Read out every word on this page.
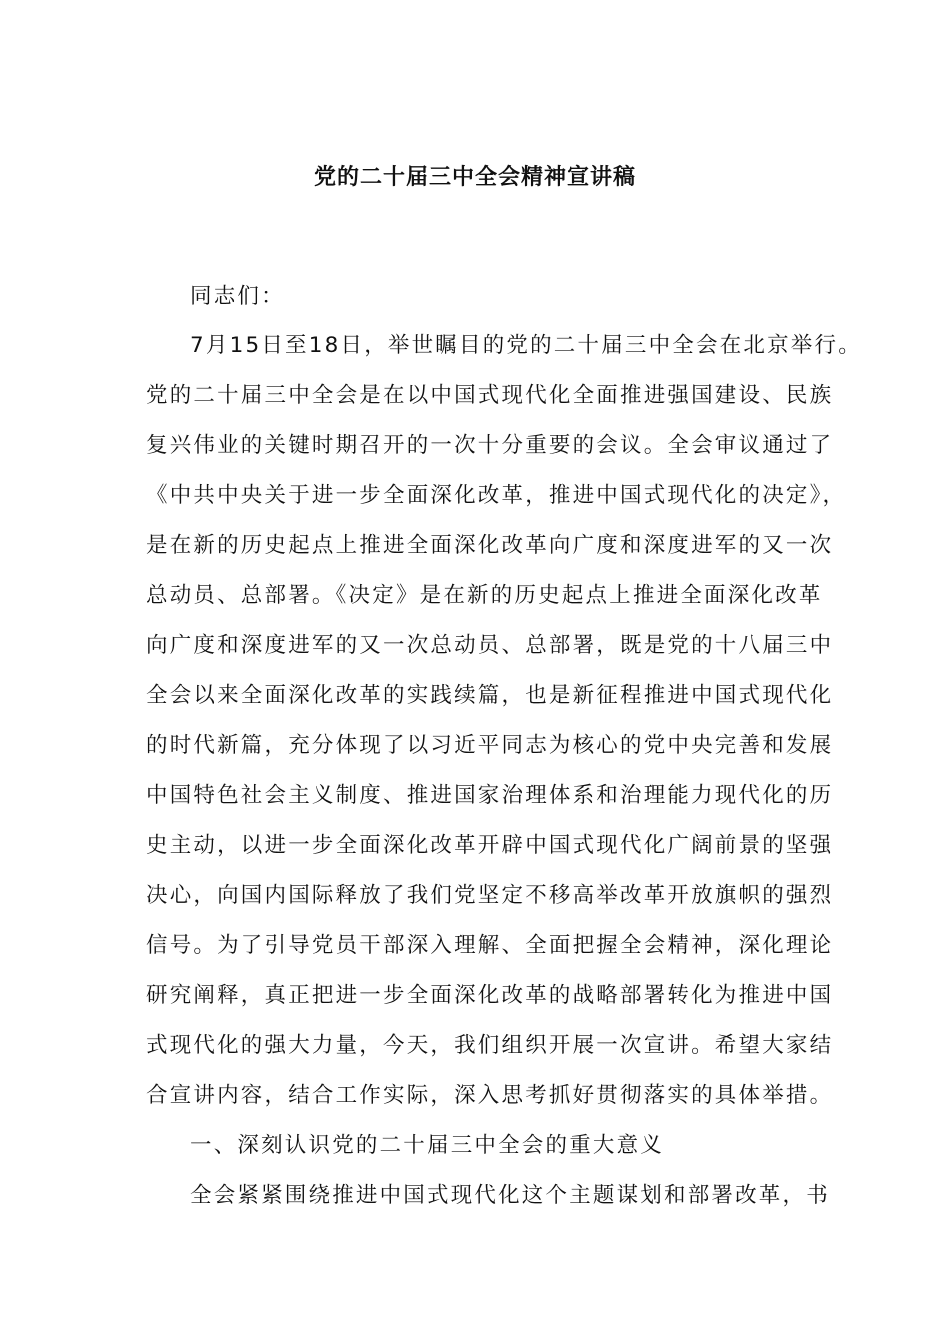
党的二十届三中全会精神宣讲稿
同志们：
7月15日至18日，举世瞩目的党的二十届三中全会在北京举行。
党的二十届三中全会是在以中国式现代化全面推进强国建设、民族
复兴伟业的关键时期召开的一次十分重要的会议。全会审议通过了
《中共中央关于进一步全面深化改革，推进中国式现代化的决定》，
是在新的历史起点上推进全面深化改革向广度和深度进军的又一次
总动员、总部署。《决定》是在新的历史起点上推进全面深化改革
向广度和深度进军的又一次总动员、总部署，既是党的十八届三中
全会以来全面深化改革的实践续篇，也是新征程推进中国式现代化
的时代新篇，充分体现了以习近平同志为核心的党中央完善和发展
中国特色社会主义制度、推进国家治理体系和治理能力现代化的历
史主动，以进一步全面深化改革开辟中国式现代化广阔前景的坚强
决心，向国内国际释放了我们党坚定不移高举改革开放旗帜的强烈
信号。为了引导党员干部深入理解、全面把握全会精神，深化理论
研究阐释，真正把进一步全面深化改革的战略部署转化为推进中国
式现代化的强大力量，今天，我们组织开展一次宣讲。希望大家结
合宣讲内容，结合工作实际，深入思考抓好贯彻落实的具体举措。
一、深刻认识党的二十届三中全会的重大意义
全会紧紧围绕推进中国式现代化这个主题谋划和部署改革，书
